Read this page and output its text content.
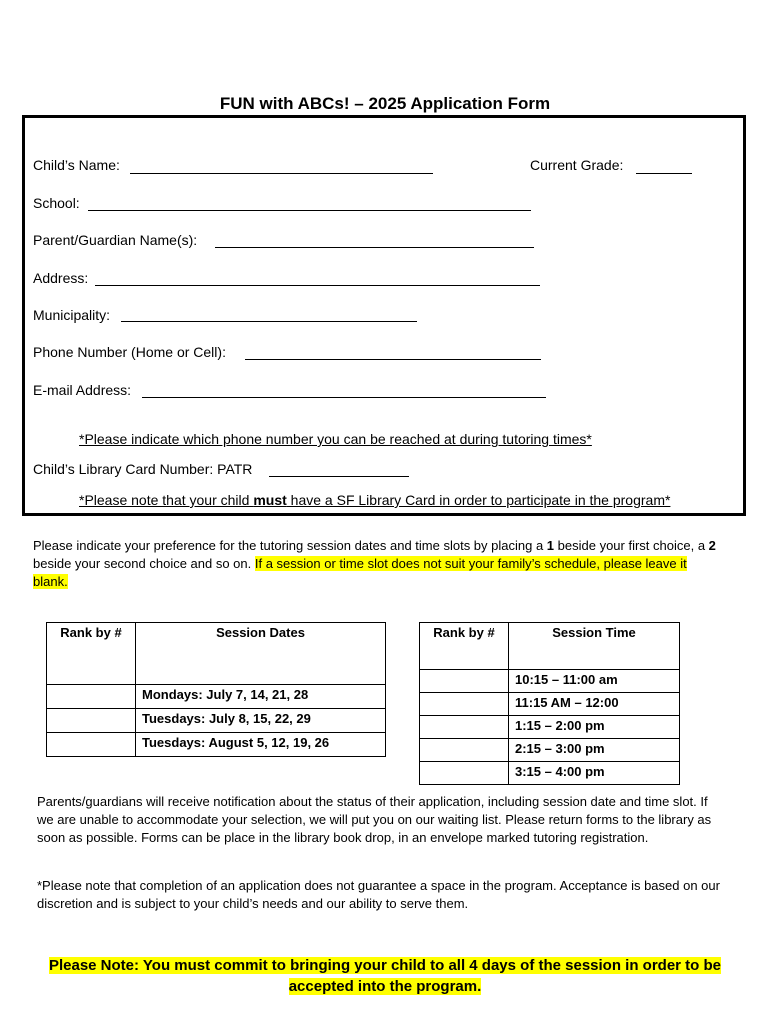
FUN with ABCs! – 2025 Application Form
Child’s Name:	Current Grade:
School:
Parent/Guardian Name(s):
Address:
Municipality:
Phone Number (Home or Cell):
E-mail Address:
*Please indicate which phone number you can be reached at during tutoring times*
Child’s Library Card Number: PATR
*Please note that your child must have a SF Library Card in order to participate in the program*
Please indicate your preference for the tutoring session dates and time slots by placing a 1 beside your first choice, a 2 beside your second choice and so on. If a session or time slot does not suit your family’s schedule, please leave it blank.
Rank by #	Session Dates
	Mondays: July 7, 14, 21, 28
	Tuesdays: July 8, 15, 22, 29
	Tuesdays: August 5, 12, 19, 26
Rank by #	Session Time
	10:15 – 11:00 am
	11:15 AM – 12:00
	1:15 – 2:00 pm
	2:15 – 3:00 pm
	3:15 – 4:00 pm
Parents/guardians will receive notification about the status of their application, including session date and time slot. If we are unable to accommodate your selection, we will put you on our waiting list. Please return forms to the library as soon as possible. Forms can be place in the library book drop, in an envelope marked tutoring registration.
*Please note that completion of an application does not guarantee a space in the program. Acceptance is based on our discretion and is subject to your child’s needs and our ability to serve them.
Please Note: You must commit to bringing your child to all 4 days of the session in order to be accepted into the program.
